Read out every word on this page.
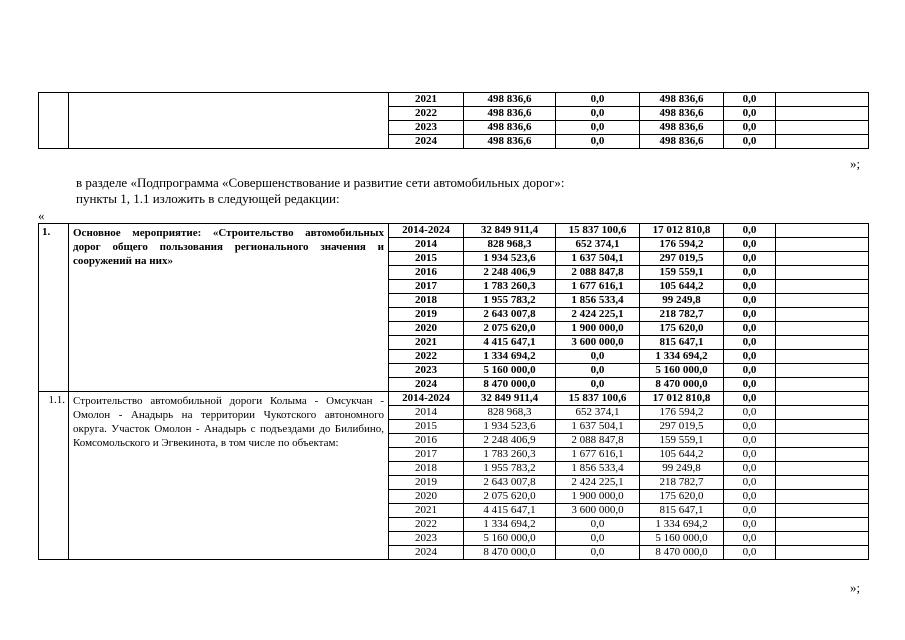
		2021	498 836,6	0,0	498 836,6	0,0	
		2022	498 836,6	0,0	498 836,6	0,0	
		2023	498 836,6	0,0	498 836,6	0,0	
		2024	498 836,6	0,0	498 836,6	0,0	
»;
в разделе «Подпрограмма «Совершенствование и развитие сети автомобильных дорог»:
пункты 1, 1.1 изложить в следующей редакции:
«
1.	Основное мероприятие: «Строительство автомобильных дорог общего пользования регионального значения и сооружений на них»	2014-2024	32 849 911,4	15 837 100,6	17 012 810,8	0,0	
		2014	828 968,3	652 374,1	176 594,2	0,0	
		2015	1 934 523,6	1 637 504,1	297 019,5	0,0	
		2016	2 248 406,9	2 088 847,8	159 559,1	0,0	
		2017	1 783 260,3	1 677 616,1	105 644,2	0,0	
		2018	1 955 783,2	1 856 533,4	99 249,8	0,0	
		2019	2 643 007,8	2 424 225,1	218 782,7	0,0	
		2020	2 075 620,0	1 900 000,0	175 620,0	0,0	
		2021	4 415 647,1	3 600 000,0	815 647,1	0,0	
		2022	1 334 694,2	0,0	1 334 694,2	0,0	
		2023	5 160 000,0	0,0	5 160 000,0	0,0	
		2024	8 470 000,0	0,0	8 470 000,0	0,0	
1.1.	Строительство автомобильной дороги Колыма - Омсукчан - Омолон - Анадырь на территории Чукотского автономного округа. Участок Омолон - Анадырь с подъездами до Билибино, Комсомольского и Эгвекинота, в том числе по объектам:	2014-2024	32 849 911,4	15 837 100,6	17 012 810,8	0,0	
		2014	828 968,3	652 374,1	176 594,2	0,0	
		2015	1 934 523,6	1 637 504,1	297 019,5	0,0	
		2016	2 248 406,9	2 088 847,8	159 559,1	0,0	
		2017	1 783 260,3	1 677 616,1	105 644,2	0,0	
		2018	1 955 783,2	1 856 533,4	99 249,8	0,0	
		2019	2 643 007,8	2 424 225,1	218 782,7	0,0	
		2020	2 075 620,0	1 900 000,0	175 620,0	0,0	
		2021	4 415 647,1	3 600 000,0	815 647,1	0,0	
		2022	1 334 694,2	0,0	1 334 694,2	0,0	
		2023	5 160 000,0	0,0	5 160 000,0	0,0	
		2024	8 470 000,0	0,0	8 470 000,0	0,0	
»;
